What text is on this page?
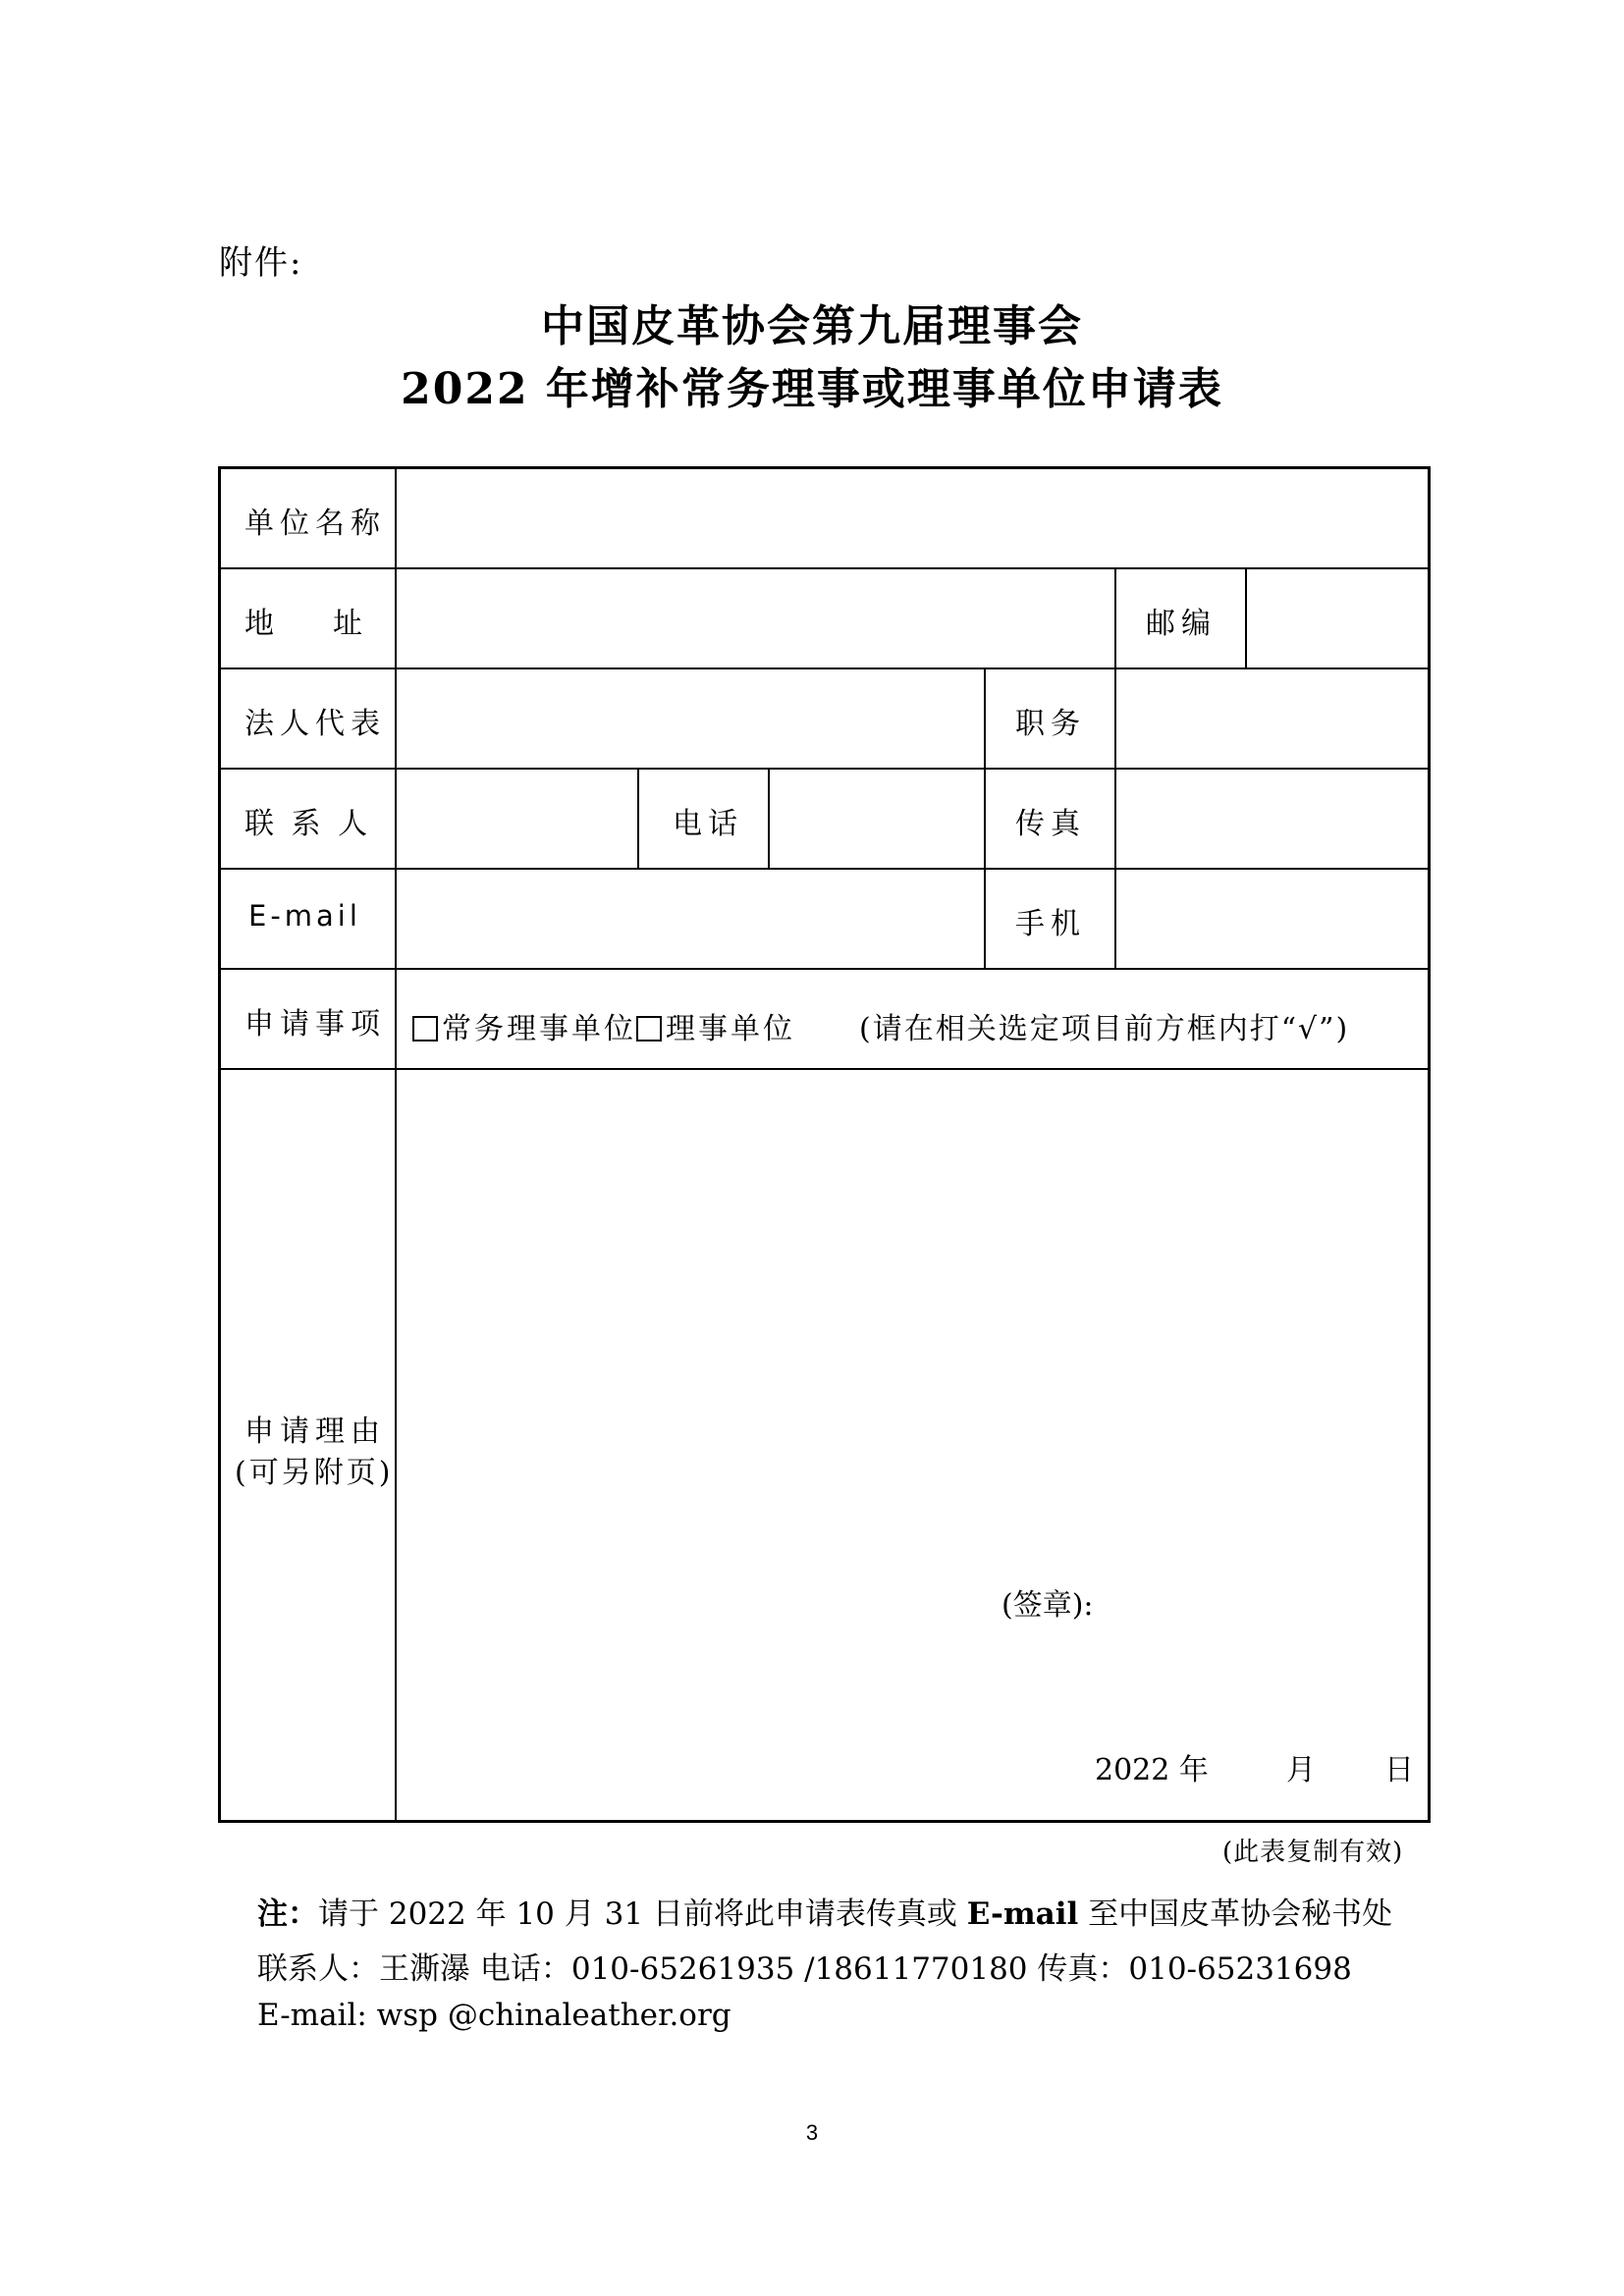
附件:
中国皮革协会第九届理事会
2022 年增补常务理事或理事单位申请表
单位名称
地　　址	邮编
法人代表	职务
联 系 人	电话	传真
E-mail	手机
申请事项	常务理事单位 理事单位 (请在相关选定项目前方框内打“√”)
申请理由
(可另附页)
(签章):
2022 年	月 日
(此表复制有效)
注：请于 2022 年 10 月 31 日前将此申请表传真或 E-mail 至中国皮革协会秘书处
联系人：王澌瀑 电话：010-65261935 /18611770180 传真：010-65231698
E-mail: wsp @chinaleather.org
3
